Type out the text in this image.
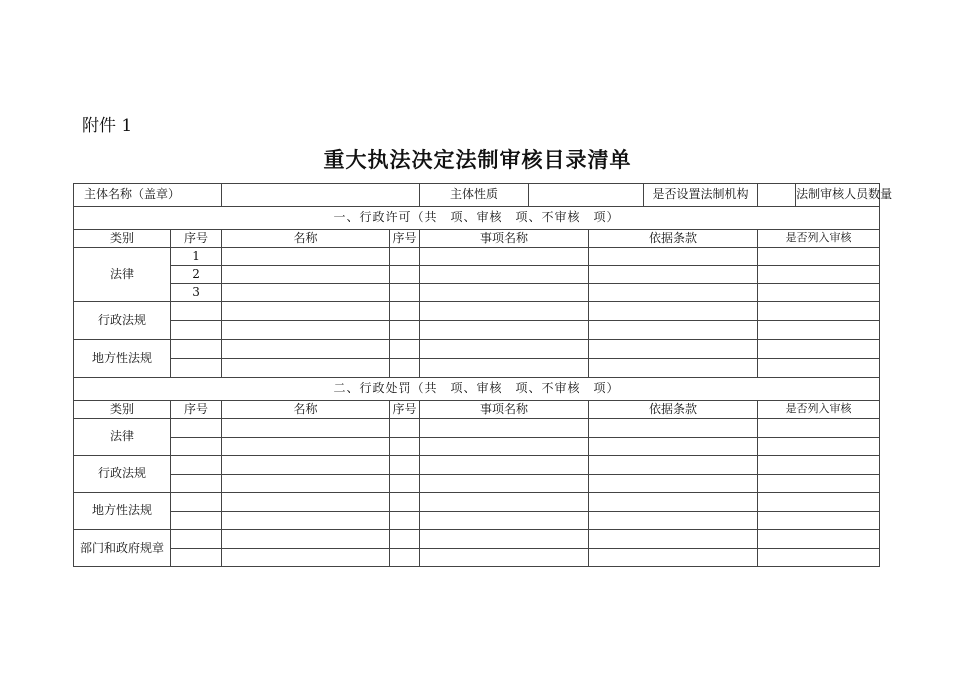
附件 1
重大执法决定法制审核目录清单
主体名称（盖章）				主体性质			是否设置法制机构		法制审核人员数量	
一、行政许可（共　项、审核　项、不审核　项）										
类别	序号	名称	序号	事项名称		依据条款		是否列入审核		
法律	1									
	2									
	3									
行政法规										

地方性法规										

二、行政处罚（共　项、审核　项、不审核　项）										
类别	序号	名称	序号	事项名称		依据条款		是否列入审核		
法律										

行政法规										

地方性法规										

部门和政府规章										
